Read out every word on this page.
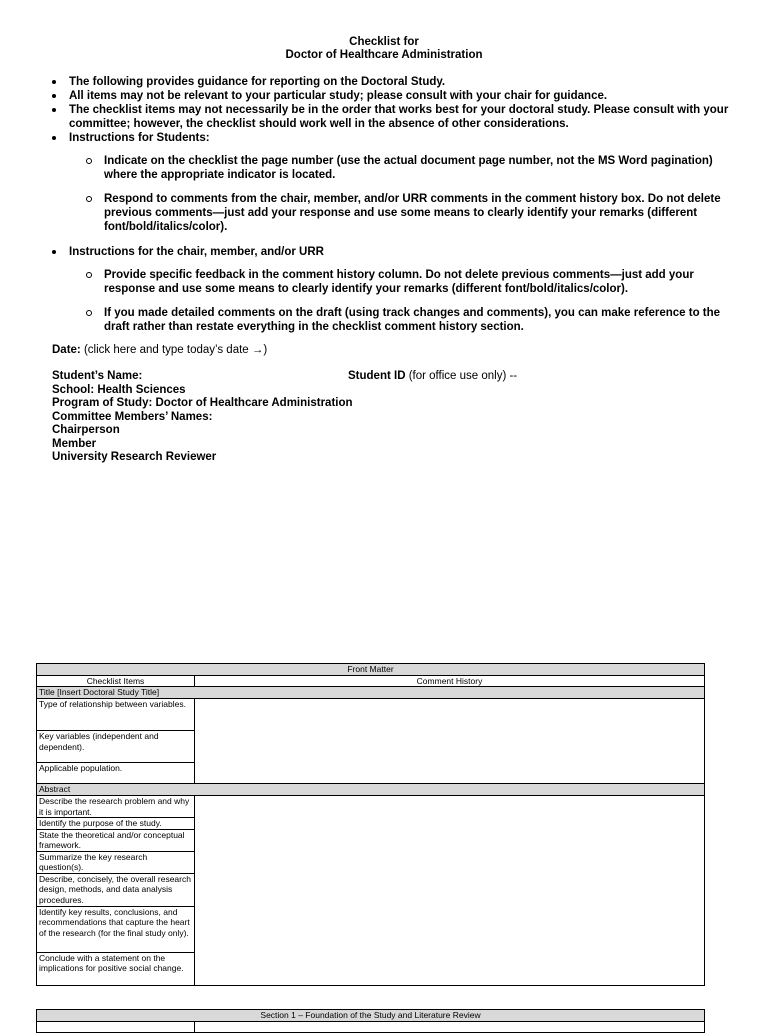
Checklist for
Doctor of Healthcare Administration
The following provides guidance for reporting on the Doctoral Study.
All items may not be relevant to your particular study; please consult with your chair for guidance.
The checklist items may not necessarily be in the order that works best for your doctoral study. Please consult with your committee; however, the checklist should work well in the absence of other considerations.
Instructions for Students:
Indicate on the checklist the page number (use the actual document page number, not the MS Word pagination) where the appropriate indicator is located.
Respond to comments from the chair, member, and/or URR comments in the comment history box. Do not delete previous comments—just add your response and use some means to clearly identify your remarks (different font/bold/italics/color).
Instructions for the chair, member, and/or URR
Provide specific feedback in the comment history column. Do not delete previous comments—just add your response and use some means to clearly identify your remarks (different font/bold/italics/color).
If you made detailed comments on the draft (using track changes and comments), you can make reference to the draft rather than restate everything in the checklist comment history section.
Date: (click here and type today’s date →)
Student’s Name:	Student ID (for office use only) --
School: Health Sciences
Program of Study: Doctor of Healthcare Administration
Committee Members’ Names:
Chairperson
Member
University Research Reviewer
Front Matter	
Checklist Items	Comment History
Title [Insert Doctoral Study Title]	
Type of relationship between variables.	
Key variables (independent and dependent).	
Applicable population.	
Abstract	
Describe the research problem and why it is important.	
Identify the purpose of the study.	
State the theoretical and/or conceptual framework.	
Summarize the key research question(s).	
Describe, concisely, the overall research design, methods, and data analysis procedures.	
Identify key results, conclusions, and recommendations that capture the heart of the research (for the final study only).	
Conclude with a statement on the implications for positive social change.	
Section 1 – Foundation of the Study and Literature Review
